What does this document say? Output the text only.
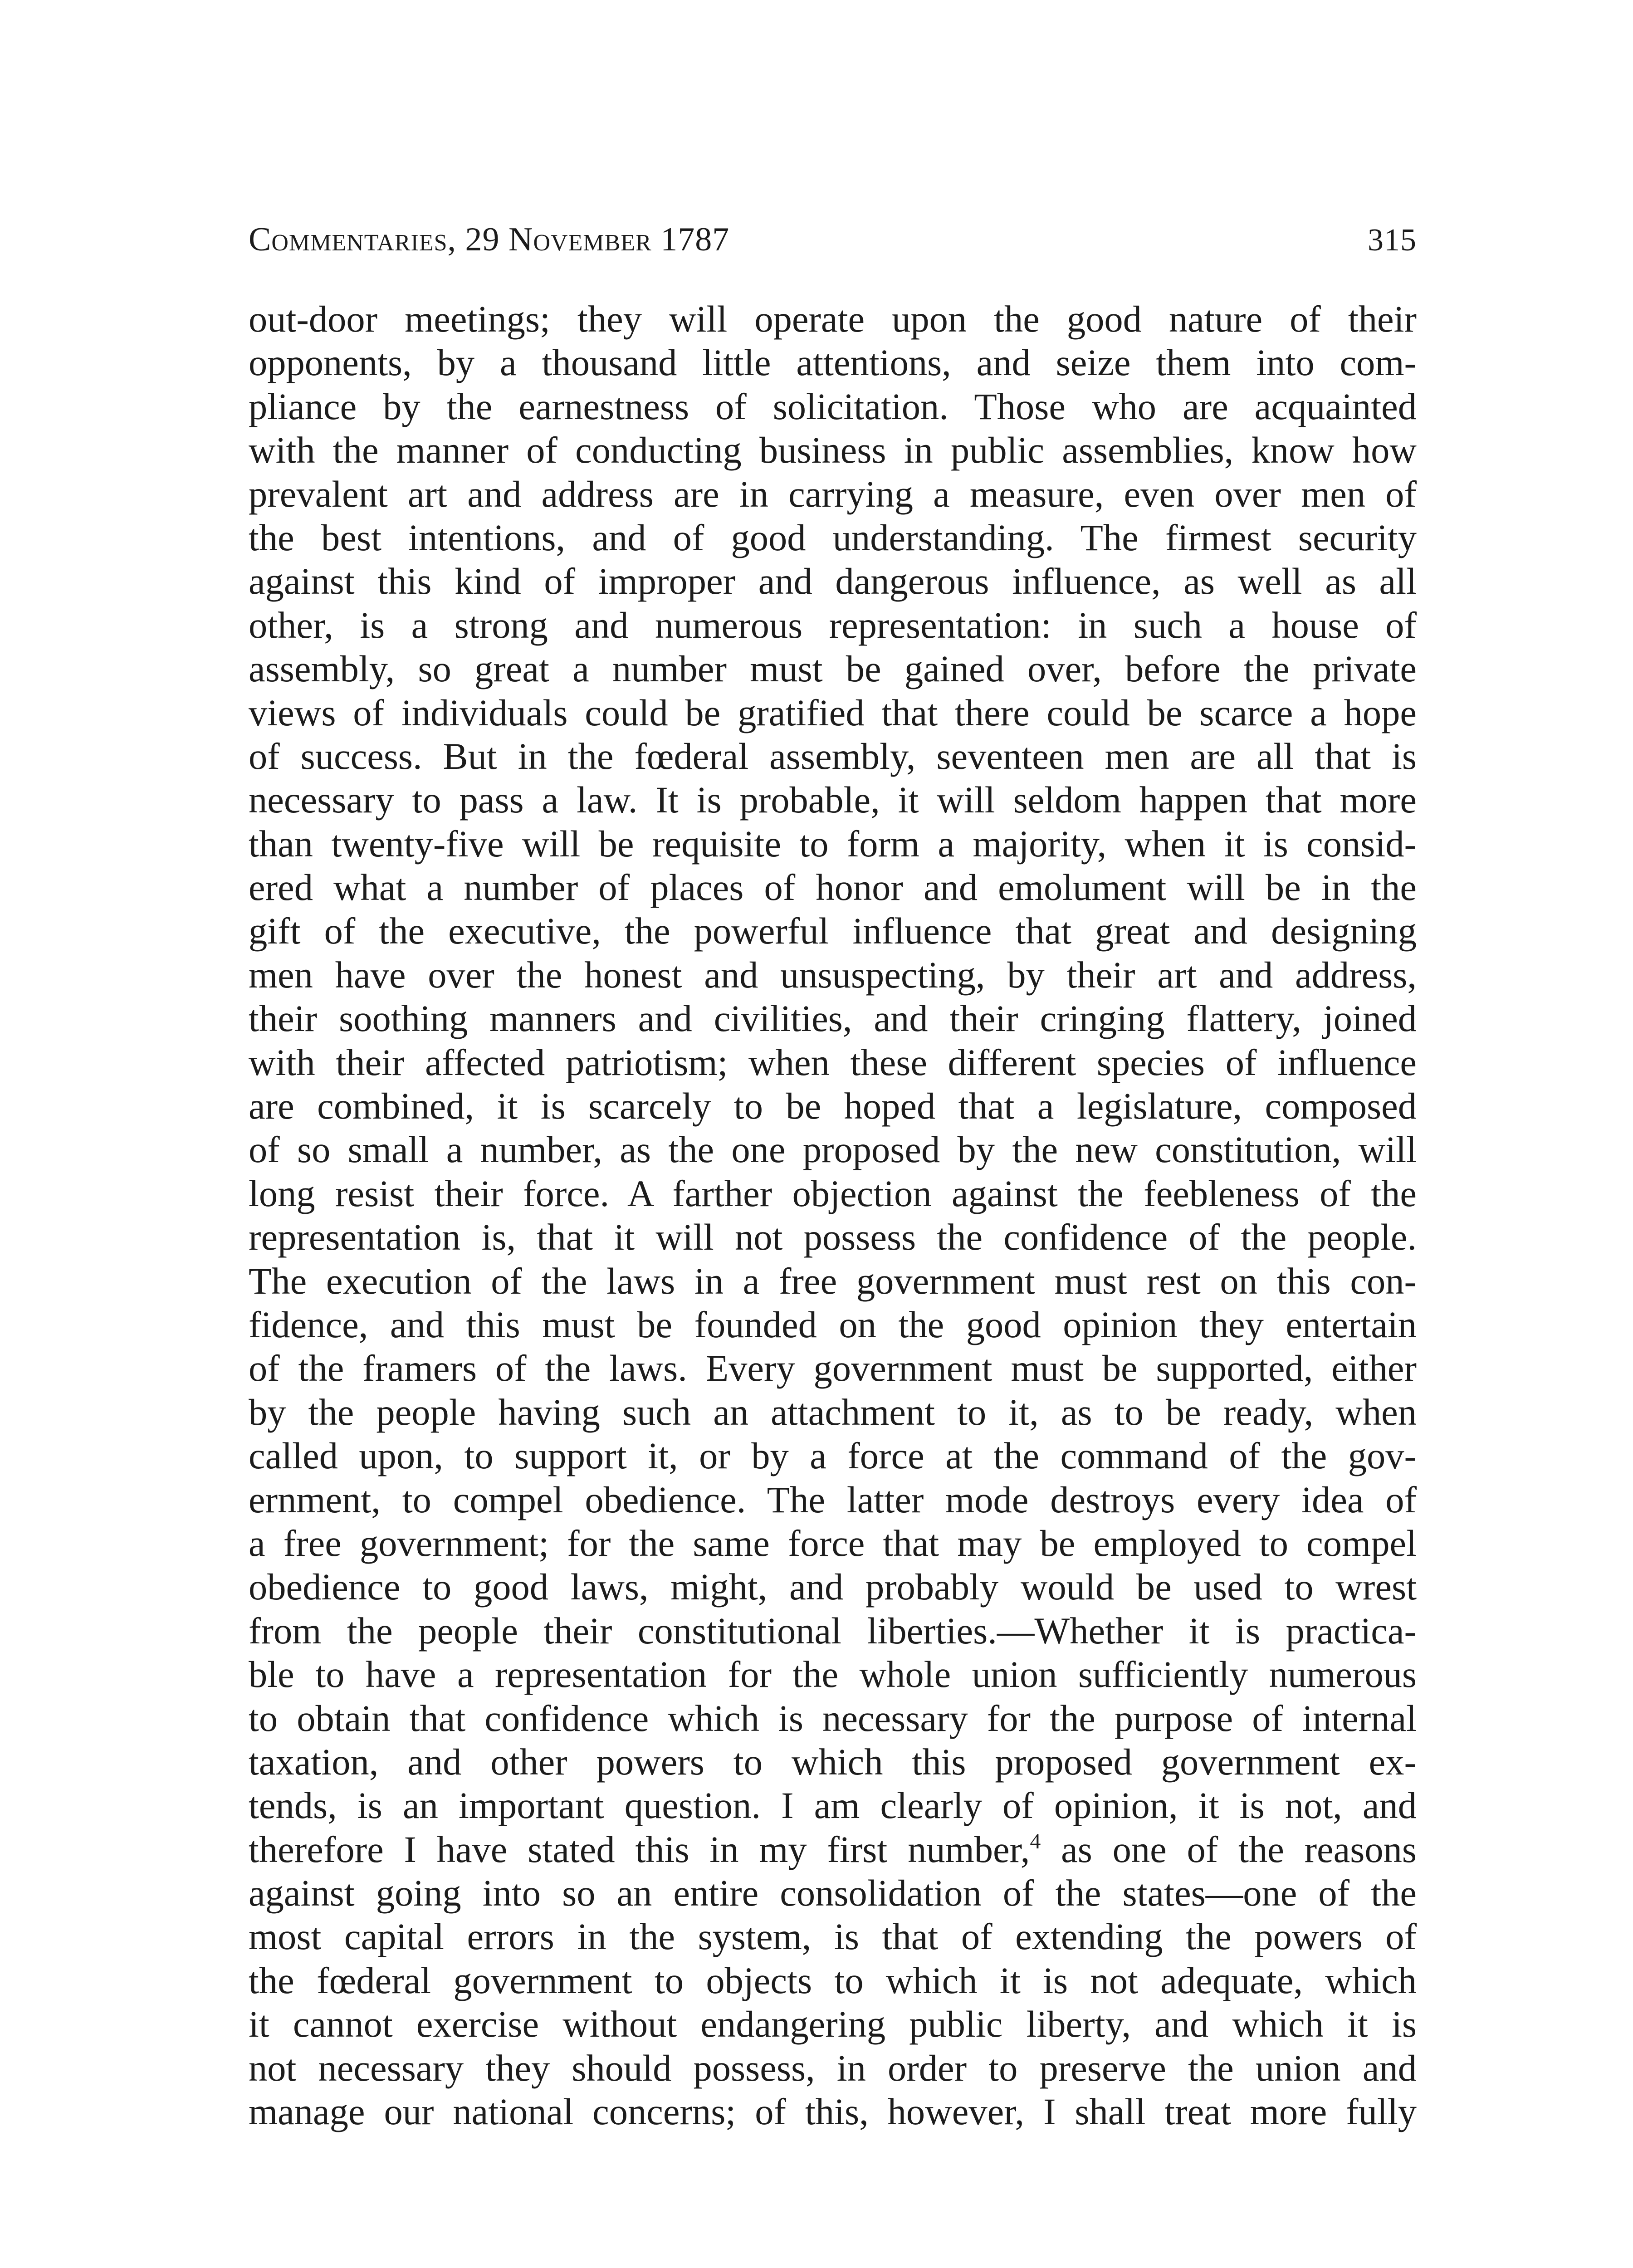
Commentaries, 29 November 1787	315
out-door meetings; they will operate upon the good nature of their
opponents, by a thousand little attentions, and seize them into com-
pliance by the earnestness of solicitation. Those who are acquainted
with the manner of conducting business in public assemblies, know how
prevalent art and address are in carrying a measure, even over men of
the best intentions, and of good understanding. The firmest security
against this kind of improper and dangerous influence, as well as all
other, is a strong and numerous representation: in such a house of
assembly, so great a number must be gained over, before the private
views of individuals could be gratified that there could be scarce a hope
of success. But in the fœderal assembly, seventeen men are all that is
necessary to pass a law. It is probable, it will seldom happen that more
than twenty-five will be requisite to form a majority, when it is consid-
ered what a number of places of honor and emolument will be in the
gift of the executive, the powerful influence that great and designing
men have over the honest and unsuspecting, by their art and address,
their soothing manners and civilities, and their cringing flattery, joined
with their affected patriotism; when these different species of influence
are combined, it is scarcely to be hoped that a legislature, composed
of so small a number, as the one proposed by the new constitution, will
long resist their force. A farther objection against the feebleness of the
representation is, that it will not possess the confidence of the people.
The execution of the laws in a free government must rest on this con-
fidence, and this must be founded on the good opinion they entertain
of the framers of the laws. Every government must be supported, either
by the people having such an attachment to it, as to be ready, when
called upon, to support it, or by a force at the command of the gov-
ernment, to compel obedience. The latter mode destroys every idea of
a free government; for the same force that may be employed to compel
obedience to good laws, might, and probably would be used to wrest
from the people their constitutional liberties.—Whether it is practica-
ble to have a representation for the whole union sufficiently numerous
to obtain that confidence which is necessary for the purpose of internal
taxation, and other powers to which this proposed government ex-
tends, is an important question. I am clearly of opinion, it is not, and
therefore I have stated this in my first number,$^4$ as one of the reasons
against going into so an entire consolidation of the states—one of the
most capital errors in the system, is that of extending the powers of
the fœderal government to objects to which it is not adequate, which
it cannot exercise without endangering public liberty, and which it is
not necessary they should possess, in order to preserve the union and
manage our national concerns; of this, however, I shall treat more fully
